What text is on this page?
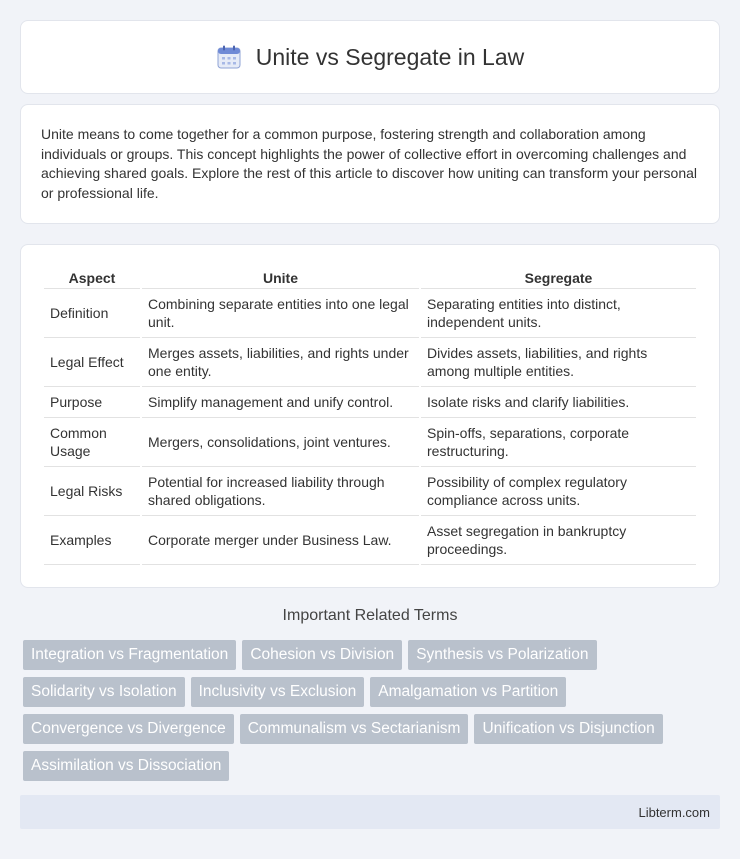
Unite vs Segregate in Law

Unite means to come together for a common purpose, fostering strength and collaboration among individuals or groups. This concept highlights the power of collective effort in overcoming challenges and achieving shared goals. Explore the rest of this article to discover how uniting can transform your personal or professional life.

Aspect	Unite	Segregate
Definition	Combining separate entities into one legal unit.	Separating entities into distinct, independent units.
Legal Effect	Merges assets, liabilities, and rights under one entity.	Divides assets, liabilities, and rights among multiple entities.
Purpose	Simplify management and unify control.	Isolate risks and clarify liabilities.
Common Usage	Mergers, consolidations, joint ventures.	Spin-offs, separations, corporate restructuring.
Legal Risks	Potential for increased liability through shared obligations.	Possibility of complex regulatory compliance across units.
Examples	Corporate merger under Business Law.	Asset segregation in bankruptcy proceedings.
Important Related Terms
Integration vs Fragmentation	Cohesion vs Division	Synthesis vs Polarization
Solidarity vs Isolation	Inclusivity vs Exclusion	Amalgamation vs Partition
Convergence vs Divergence	Communalism vs Sectarianism	Unification vs Disjunction
Assimilation vs Dissociation
Libterm.com
